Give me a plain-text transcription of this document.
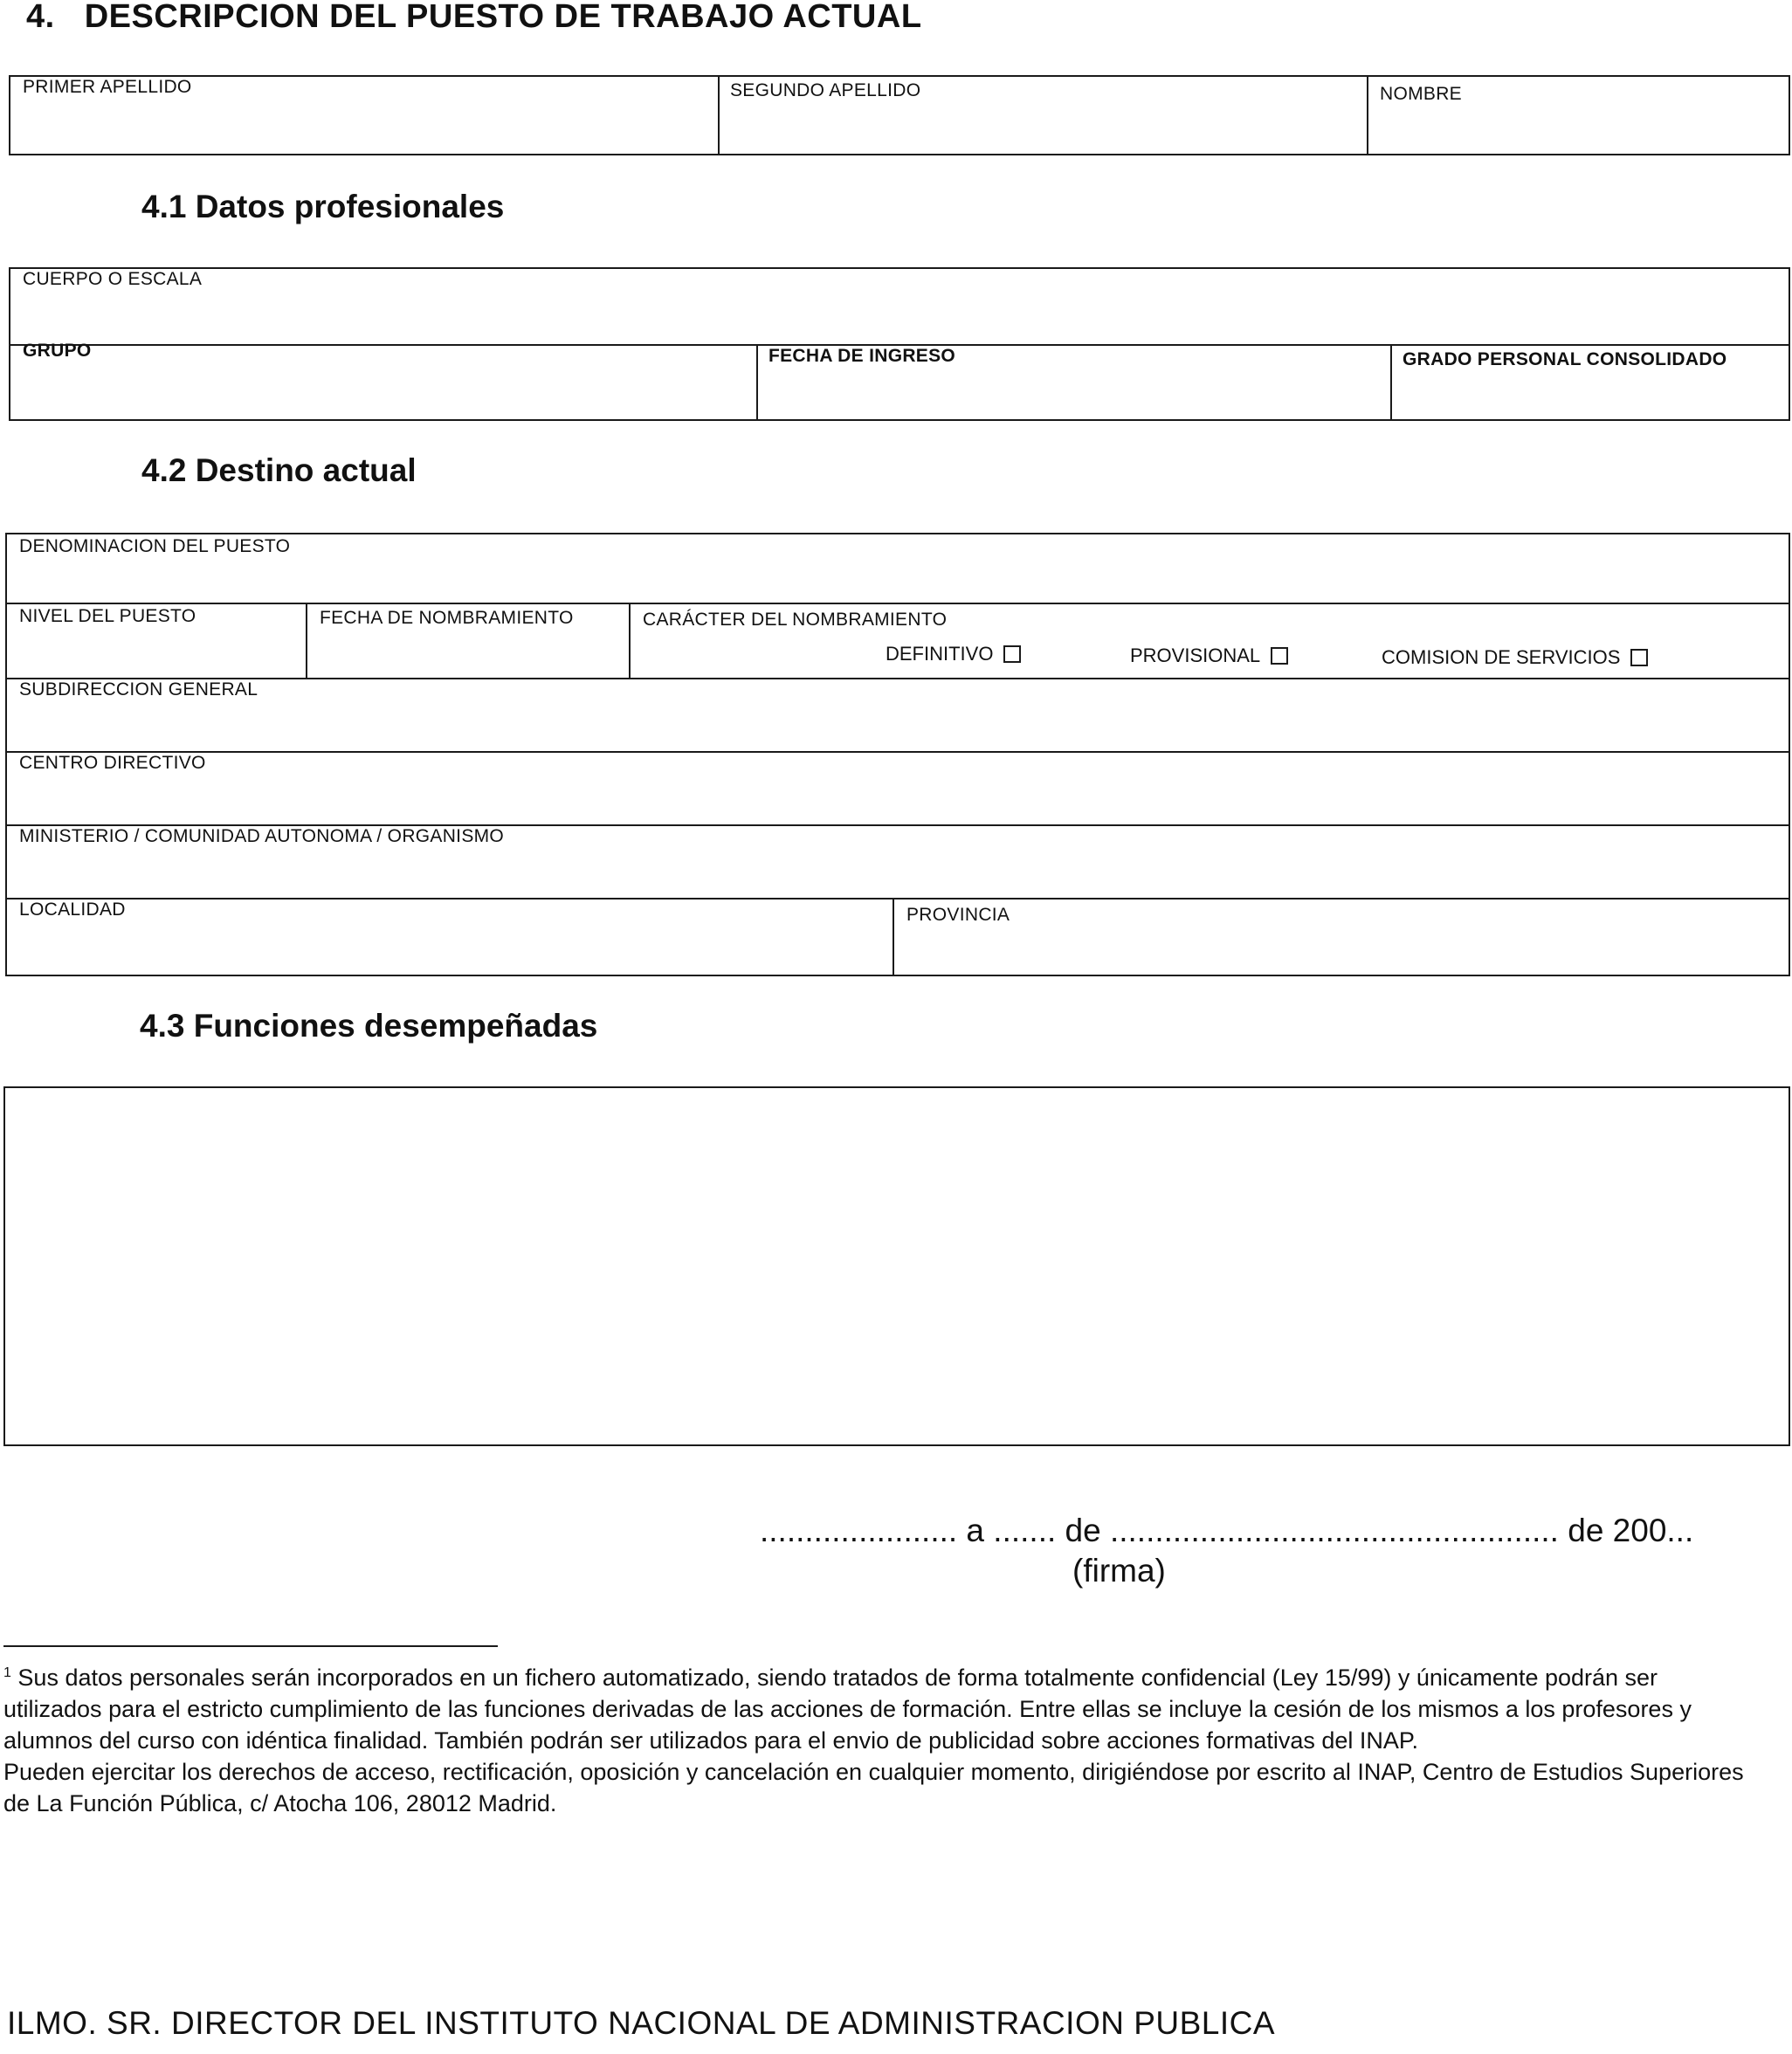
4. DESCRIPCION DEL PUESTO DE TRABAJO ACTUAL
PRIMER APELLIDO	SEGUNDO APELLIDO	NOMBRE
4.1 Datos profesionales
CUERPO O ESCALA
GRUPO	FECHA DE INGRESO	GRADO PERSONAL CONSOLIDADO
4.2 Destino actual
DENOMINACION DEL PUESTO
NIVEL DEL PUESTO	FECHA DE NOMBRAMIENTO	CARÁCTER DEL NOMBRAMIENTO
DEFINITIVO	PROVISIONAL	COMISION DE SERVICIOS
SUBDIRECCION GENERAL
CENTRO DIRECTIVO
MINISTERIO / COMUNIDAD AUTONOMA / ORGANISMO
LOCALIDAD	PROVINCIA
4.3 Funciones desempeñadas
...................... a ....... de .................................................. de 200...
(firma)

$^1$ Sus datos personales serán incorporados en un fichero automatizado, siendo tratados de forma totalmente confidencial (Ley 15/99) y únicamente podrán ser utilizados para el estricto cumplimiento de las funciones derivadas de las acciones de formación. Entre ellas se incluye la cesión de los mismos a los profesores y alumnos del curso con idéntica finalidad. También podrán ser utilizados para el envio de publicidad sobre acciones formativas del INAP.

Pueden ejercitar los derechos de acceso, rectificación, oposición y cancelación en cualquier momento, dirigiéndose por escrito al INAP, Centro de Estudios Superiores de La Función Pública, c/ Atocha 106, 28012 Madrid.

ILMO. SR. DIRECTOR DEL INSTITUTO NACIONAL DE ADMINISTRACION PUBLICA
